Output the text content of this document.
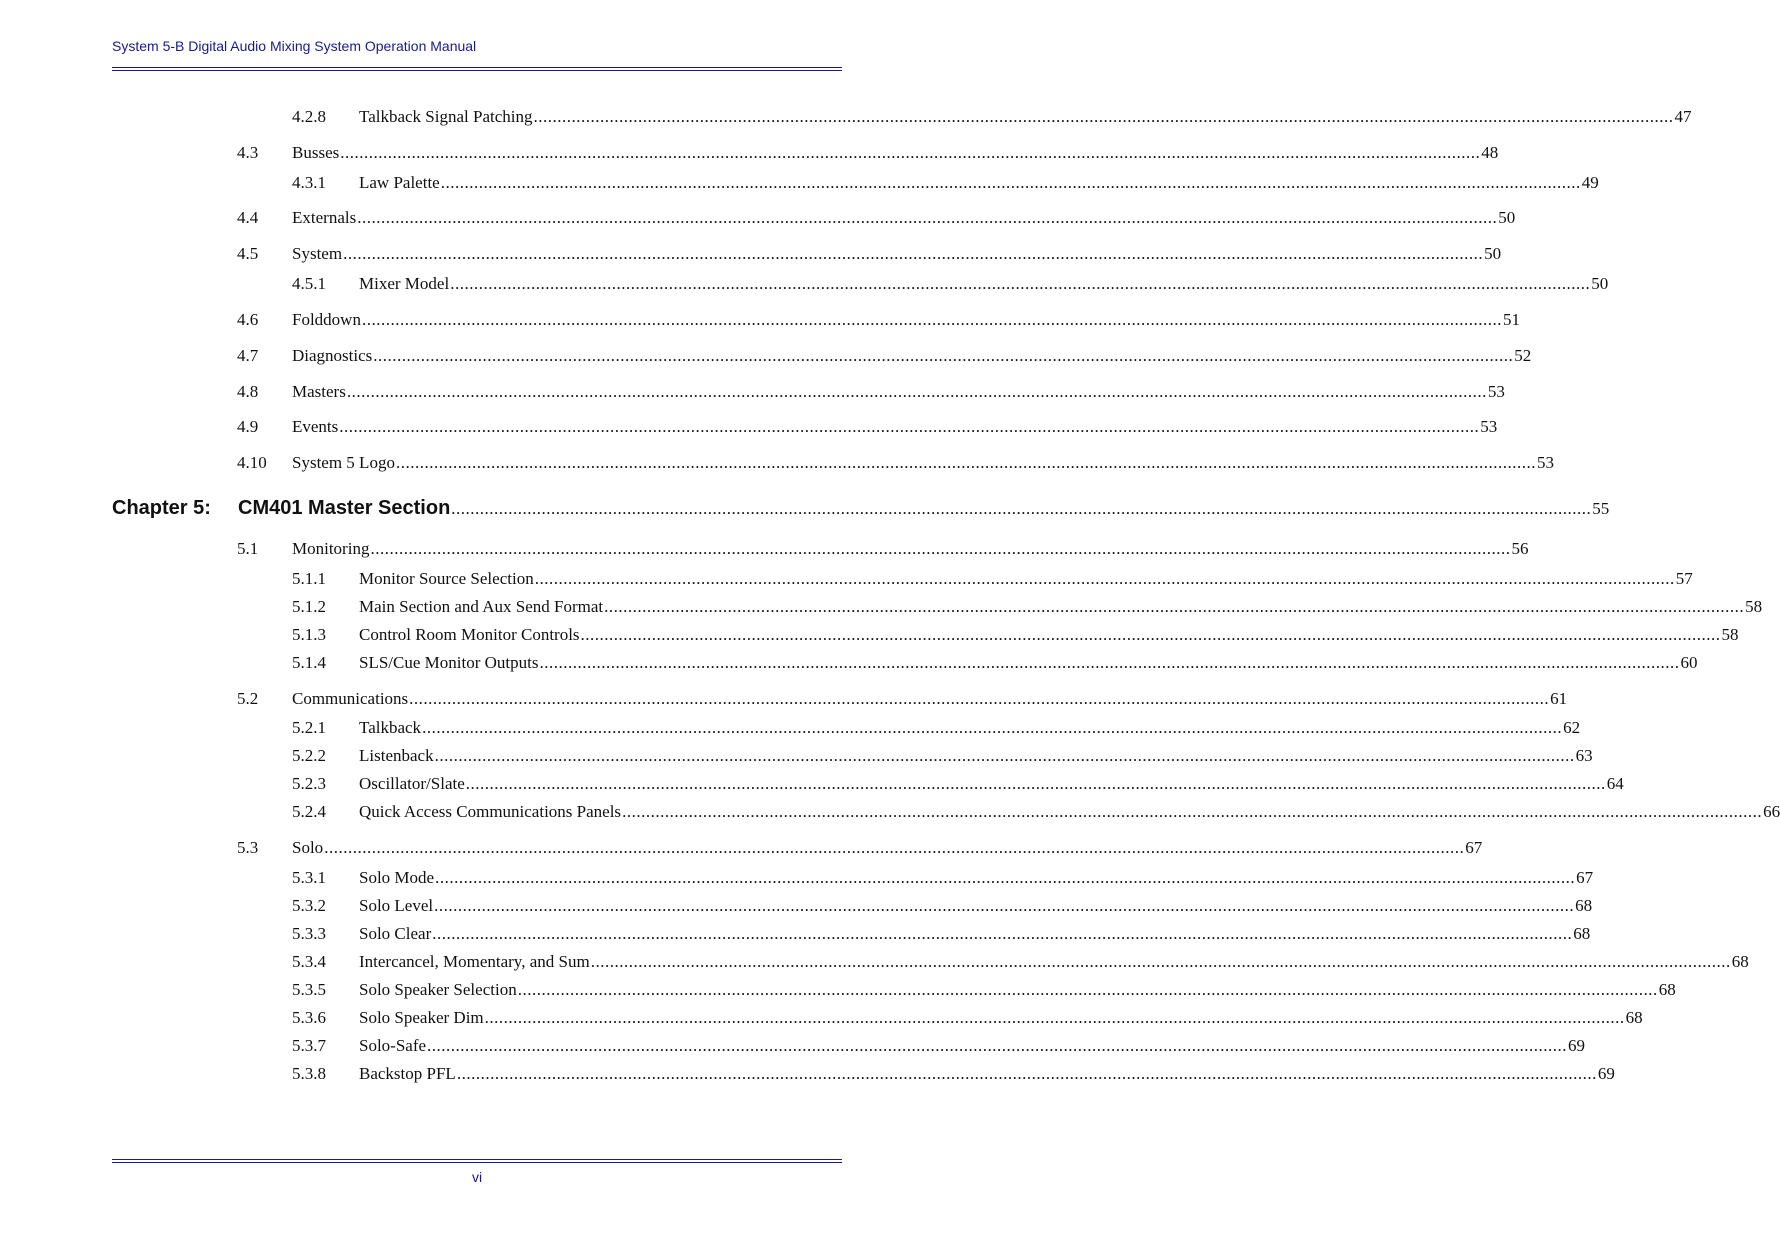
System 5-B Digital Audio Mixing System Operation Manual
4.2.8 Talkback Signal Patching ................................................................................................................................................................................................................................................ 47
4.3 Busses ................................................................................................................................................................................................................................................ 48
4.3.1 Law Palette ................................................................................................................................................................................................................................................ 49
4.4 Externals ................................................................................................................................................................................................................................................ 50
4.5 System ................................................................................................................................................................................................................................................ 50
4.5.1 Mixer Model ................................................................................................................................................................................................................................................ 50
4.6 Folddown ................................................................................................................................................................................................................................................ 51
4.7 Diagnostics ................................................................................................................................................................................................................................................ 52
4.8 Masters ................................................................................................................................................................................................................................................ 53
4.9 Events ................................................................................................................................................................................................................................................ 53
4.10 System 5 Logo ................................................................................................................................................................................................................................................ 53
5.1 Monitoring ................................................................................................................................................................................................................................................ 56
5.1.1 Monitor Source Selection ................................................................................................................................................................................................................................................ 57
5.1.2 Main Section and Aux Send Format ................................................................................................................................................................................................................................................ 58
5.1.3 Control Room Monitor Controls ................................................................................................................................................................................................................................................ 58
5.1.4 SLS/Cue Monitor Outputs ................................................................................................................................................................................................................................................ 60
5.2 Communications ................................................................................................................................................................................................................................................ 61
5.2.1 Talkback ................................................................................................................................................................................................................................................ 62
5.2.2 Listenback ................................................................................................................................................................................................................................................ 63
5.2.3 Oscillator/Slate ................................................................................................................................................................................................................................................ 64
5.2.4 Quick Access Communications Panels ................................................................................................................................................................................................................................................ 66
5.3 Solo ................................................................................................................................................................................................................................................ 67
5.3.1 Solo Mode ................................................................................................................................................................................................................................................ 67
5.3.2 Solo Level ................................................................................................................................................................................................................................................ 68
5.3.3 Solo Clear ................................................................................................................................................................................................................................................ 68
5.3.4 Intercancel, Momentary, and Sum ................................................................................................................................................................................................................................................ 68
5.3.5 Solo Speaker Selection ................................................................................................................................................................................................................................................ 68
5.3.6 Solo Speaker Dim ................................................................................................................................................................................................................................................ 68
5.3.7 Solo-Safe ................................................................................................................................................................................................................................................ 69
5.3.8 Backstop PFL ................................................................................................................................................................................................................................................ 69
Chapter 5: CM401 Master Section ................................................................................................................................................................................................................................................ 55
vi
